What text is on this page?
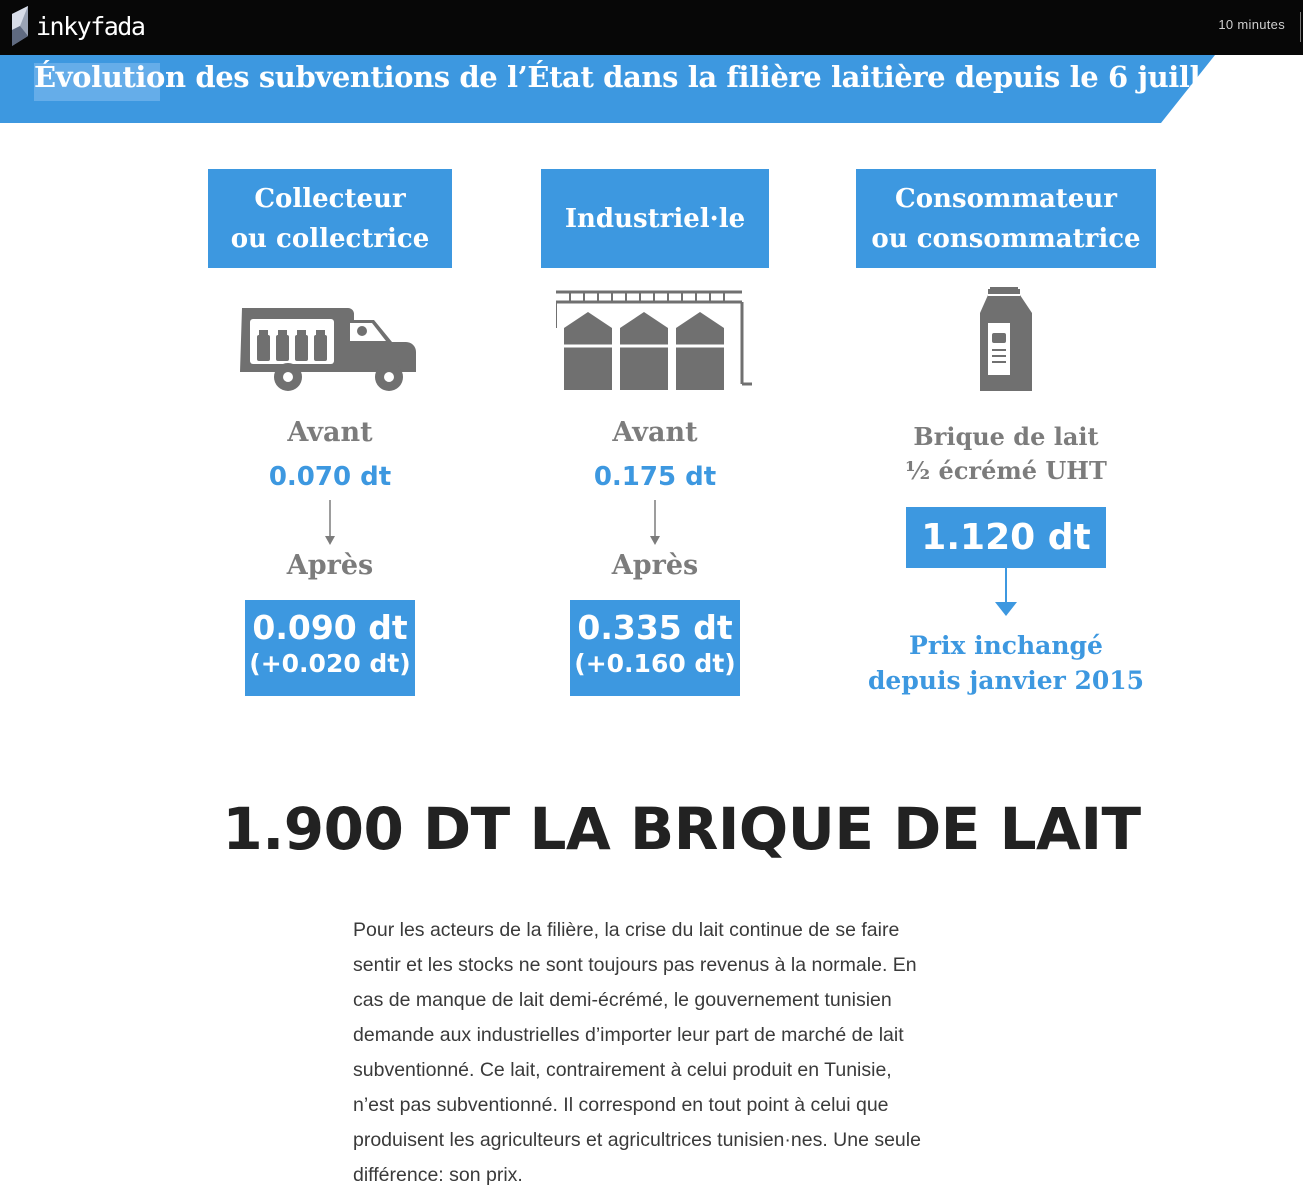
inkyfada	10 minutes
Évolution des subventions de l’État dans la filière laitière depuis le 6 juillet
Collecteur
ou collectrice
Avant
0.070 dt
Après
0.090 dt
(+0.020 dt)
Industriel·le
Avant
0.175 dt
Après
0.335 dt
(+0.160 dt)
Consommateur
ou consommatrice
Brique de lait
½ écrémé UHT
1.120 dt
Prix inchangé
depuis janvier 2015
1.900 DT LA BRIQUE DE LAIT
Pour les acteurs de la filière, la crise du lait continue de se faire
sentir et les stocks ne sont toujours pas revenus à la normale. En
cas de manque de lait demi-écrémé, le gouvernement tunisien
demande aux industrielles d’importer leur part de marché de lait
subventionné. Ce lait, contrairement à celui produit en Tunisie,
n’est pas subventionné. Il correspond en tout point à celui que
produisent les agriculteurs et agricultrices tunisien·nes. Une seule
différence: son prix.
